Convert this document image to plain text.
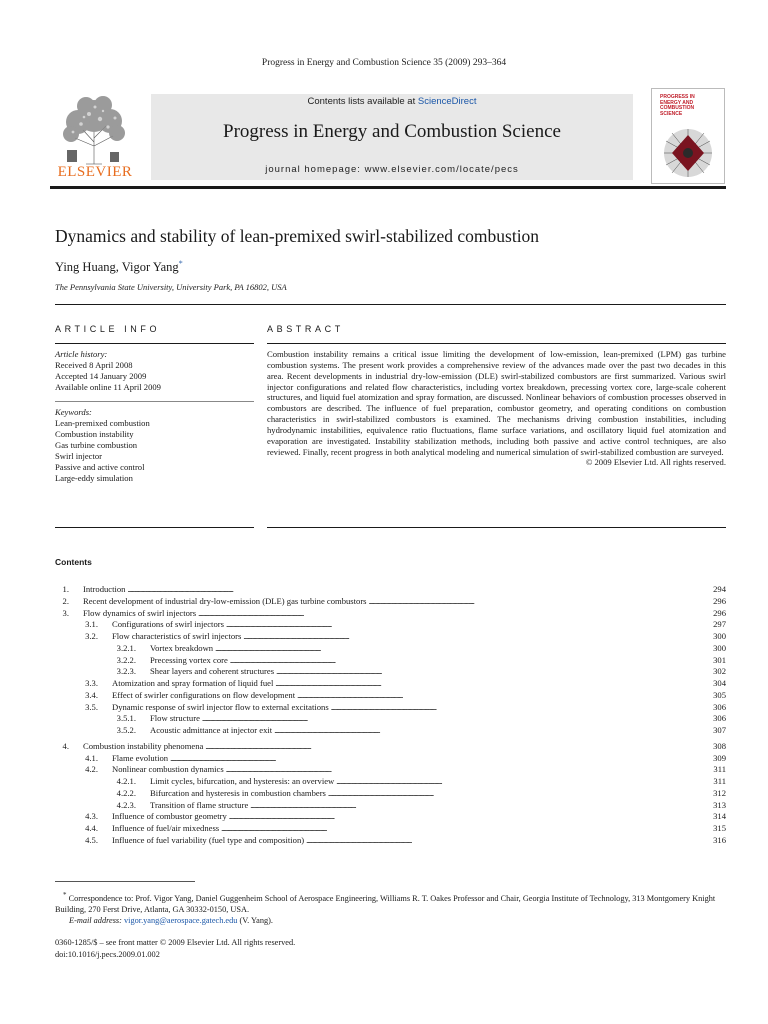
Progress in Energy and Combustion Science 35 (2009) 293–364
ELSEVIER
Contents lists available at ScienceDirect
Progress in Energy and Combustion Science
journal homepage: www.elsevier.com/locate/pecs
PROGRESS IN ENERGY AND COMBUSTION SCIENCE
Dynamics and stability of lean-premixed swirl-stabilized combustion
Ying Huang, Vigor Yang*
The Pennsylvania State University, University Park, PA 16802, USA
ARTICLE INFO	ABSTRACT
Article history:
Received 8 April 2008
Accepted 14 January 2009
Available online 11 April 2009
Keywords:
Lean-premixed combustion
Combustion instability
Gas turbine combustion
Swirl injector
Passive and active control
Large-eddy simulation
Combustion instability remains a critical issue limiting the development of low-emission, lean-premixed (LPM) gas turbine combustion systems. The present work provides a comprehensive review of the advances made over the past two decades in this area. Recent developments in industrial dry-low-emission (DLE) swirl-stabilized combustors are first summarized. Various swirl injector configurations and related flow characteristics, including vortex breakdown, precessing vortex core, large-scale coherent structures, and liquid fuel atomization and spray formation, are discussed. Nonlinear behaviors of combustion processes observed in combustors are described. The influence of fuel preparation, combustor geometry, and operating conditions on combustion characteristics in swirl-stabilized combustors is examined. The mechanisms driving combustion instabilities, including hydrodynamic instabilities, equivalence ratio fluctuations, flame surface variations, and oscillatory liquid fuel atomization and evaporation are investigated. Instability stabilization methods, including both passive and active control techniques, are also reviewed. Finally, recent progress in both analytical modeling and numerical simulation of swirl-stabilized combustion are surveyed.
© 2009 Elsevier Ltd. All rights reserved.
Contents
1.	Introduction . . .	294
2.	Recent development of industrial dry-low-emission (DLE) gas turbine combustors . . .	296
3.	Flow dynamics of swirl injectors . . .	296
3.1.	Configurations of swirl injectors . . .	297
3.2.	Flow characteristics of swirl injectors . . .	300
3.2.1.	Vortex breakdown . . .	300
3.2.2.	Precessing vortex core . . .	301
3.2.3.	Shear layers and coherent structures . . .	302
3.3.	Atomization and spray formation of liquid fuel . . .	304
3.4.	Effect of swirler configurations on flow development . . .	305
3.5.	Dynamic response of swirl injector flow to external excitations . . .	306
3.5.1.	Flow structure . . .	306
3.5.2.	Acoustic admittance at injector exit . . .	307
4.	Combustion instability phenomena . . .	308
4.1.	Flame evolution . . .	309
4.2.	Nonlinear combustion dynamics . . .	311
4.2.1.	Limit cycles, bifurcation, and hysteresis: an overview . . .	311
4.2.2.	Bifurcation and hysteresis in combustion chambers . . .	312
4.2.3.	Transition of flame structure . . .	313
4.3.	Influence of combustor geometry . . .	314
4.4.	Influence of fuel/air mixedness . . .	315
4.5.	Influence of fuel variability (fuel type and composition) . . .	316
* Correspondence to: Prof. Vigor Yang, Daniel Guggenheim School of Aerospace Engineering, Williams R. T. Oakes Professor and Chair, Georgia Institute of Technology, 313 Montgomery Knight Building, 270 Ferst Drive, Atlanta, GA 30332-0150, USA.
E-mail address: vigor.yang@aerospace.gatech.edu (V. Yang).
0360-1285/$ – see front matter © 2009 Elsevier Ltd. All rights reserved.
doi:10.1016/j.pecs.2009.01.002
